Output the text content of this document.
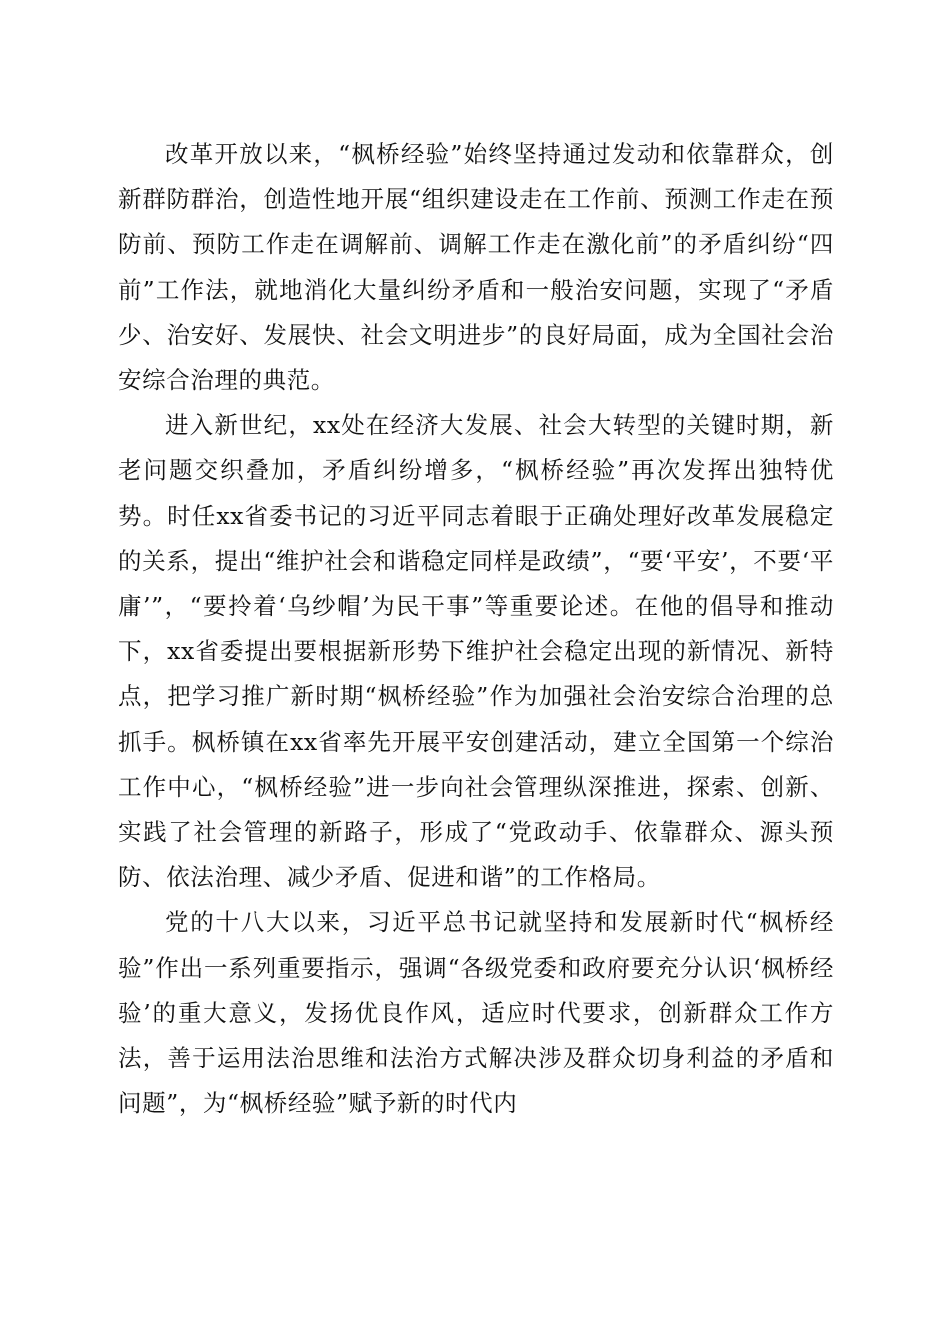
改革开放以来，“枫桥经验”始终坚持通过发动和依靠群众，创新群防群治，创造性地开展“组织建设走在工作前、预测工作走在预防前、预防工作走在调解前、调解工作走在激化前”的矛盾纠纷“四前”工作法，就地消化大量纠纷矛盾和一般治安问题，实现了“矛盾少、治安好、发展快、社会文明进步”的良好局面，成为全国社会治安综合治理的典范。

进入新世纪，xx处在经济大发展、社会大转型的关键时期，新老问题交织叠加，矛盾纠纷增多，“枫桥经验”再次发挥出独特优势。时任xx省委书记的习近平同志着眼于正确处理好改革发展稳定的关系，提出“维护社会和谐稳定同样是政绩”，“要‘平安’，不要‘平庸’”，“要拎着‘乌纱帽’为民干事”等重要论述。在他的倡导和推动下，xx省委提出要根据新形势下维护社会稳定出现的新情况、新特点，把学习推广新时期“枫桥经验”作为加强社会治安综合治理的总抓手。枫桥镇在xx省率先开展平安创建活动，建立全国第一个综治工作中心，“枫桥经验”进一步向社会管理纵深推进，探索、创新、实践了社会管理的新路子，形成了“党政动手、依靠群众、源头预防、依法治理、减少矛盾、促进和谐”的工作格局。

党的十八大以来，习近平总书记就坚持和发展新时代“枫桥经验”作出一系列重要指示，强调“各级党委和政府要充分认识‘枫桥经验’的重大意义，发扬优良作风，适应时代要求，创新群众工作方法，善于运用法治思维和法治方式解决涉及群众切身利益的矛盾和问题”，为“枫桥经验”赋予新的时代内
